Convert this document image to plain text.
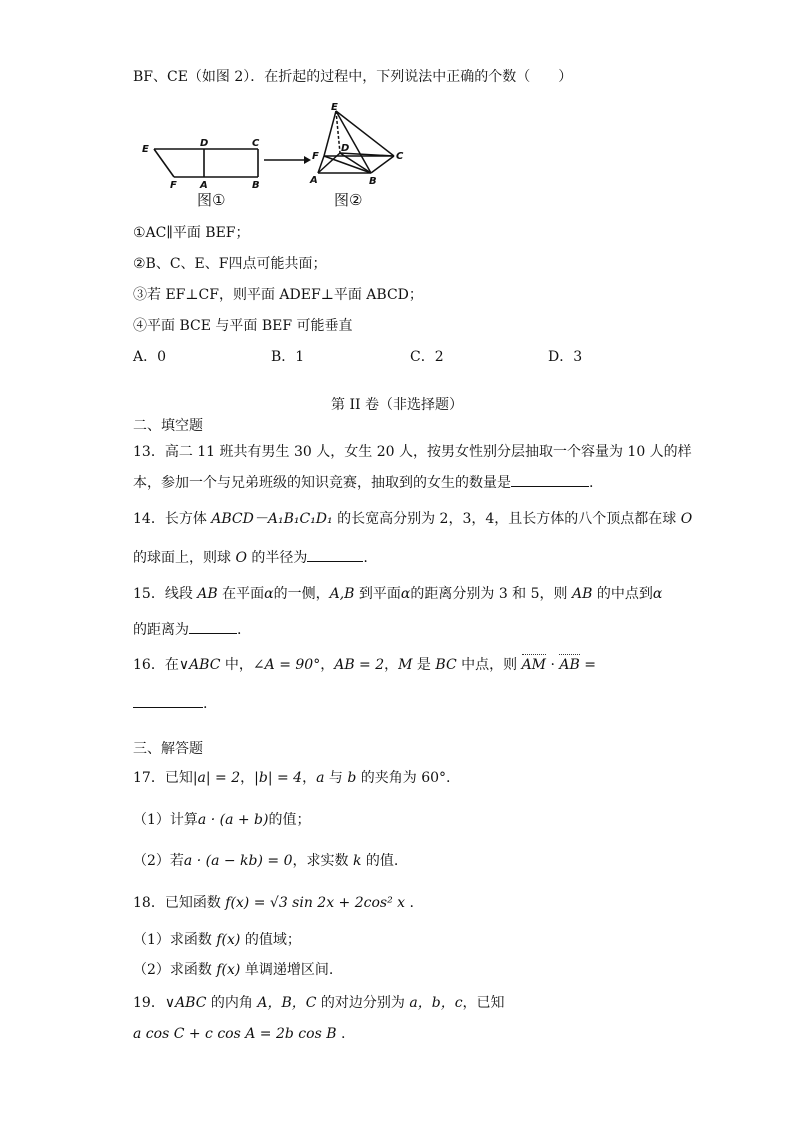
BF、CE（如图 2）．在折起的过程中，下列说法中正确的个数（　　）
E
D	C
F A	B
图①
E
D
C
F
A	B
图②
①AC∥平面 BEF；
②B、C、E、F四点可能共面；
③若 EF⊥CF，则平面 ADEF⊥平面 ABCD；
④平面 BCE 与平面 BEF 可能垂直
A．0	B．1	C．2	D．3
第 II 卷（非选择题）
二、填空题
13．高二 11 班共有男生 30 人，女生 20 人，按男女性别分层抽取一个容量为 10 人的样
本，参加一个与兄弟班级的知识竞赛，抽取到的女生的数量是	.
14．长方体 ABCD－A₁B₁C₁D₁ 的长宽高分别为 2，3，4，且长方体的八个顶点都在球 O
的球面上，则球 O 的半径为	.
15．线段 AB 在平面α的一侧，A,B 到平面α的距离分别为 3 和 5，则 AB 的中点到α
的距离为	.
16．在∨ABC 中，∠A = 90°，AB = 2，M 是 BC 中点，则 AM · AB =
.
三、解答题
17．已知|a| = 2，|b| = 4，a 与 b 的夹角为 60°.
（1）计算a · (a + b)的值；
（2）若a · (a − kb) = 0，求实数 k 的值.
18．已知函数 f(x) = √3 sin 2x + 2cos² x .
（1）求函数 f(x) 的值域；
（2）求函数 f(x) 单调递增区间.
19．∨ABC 的内角 A，B，C 的对边分别为 a，b，c，已知
a cos C + c cos A = 2b cos B .
